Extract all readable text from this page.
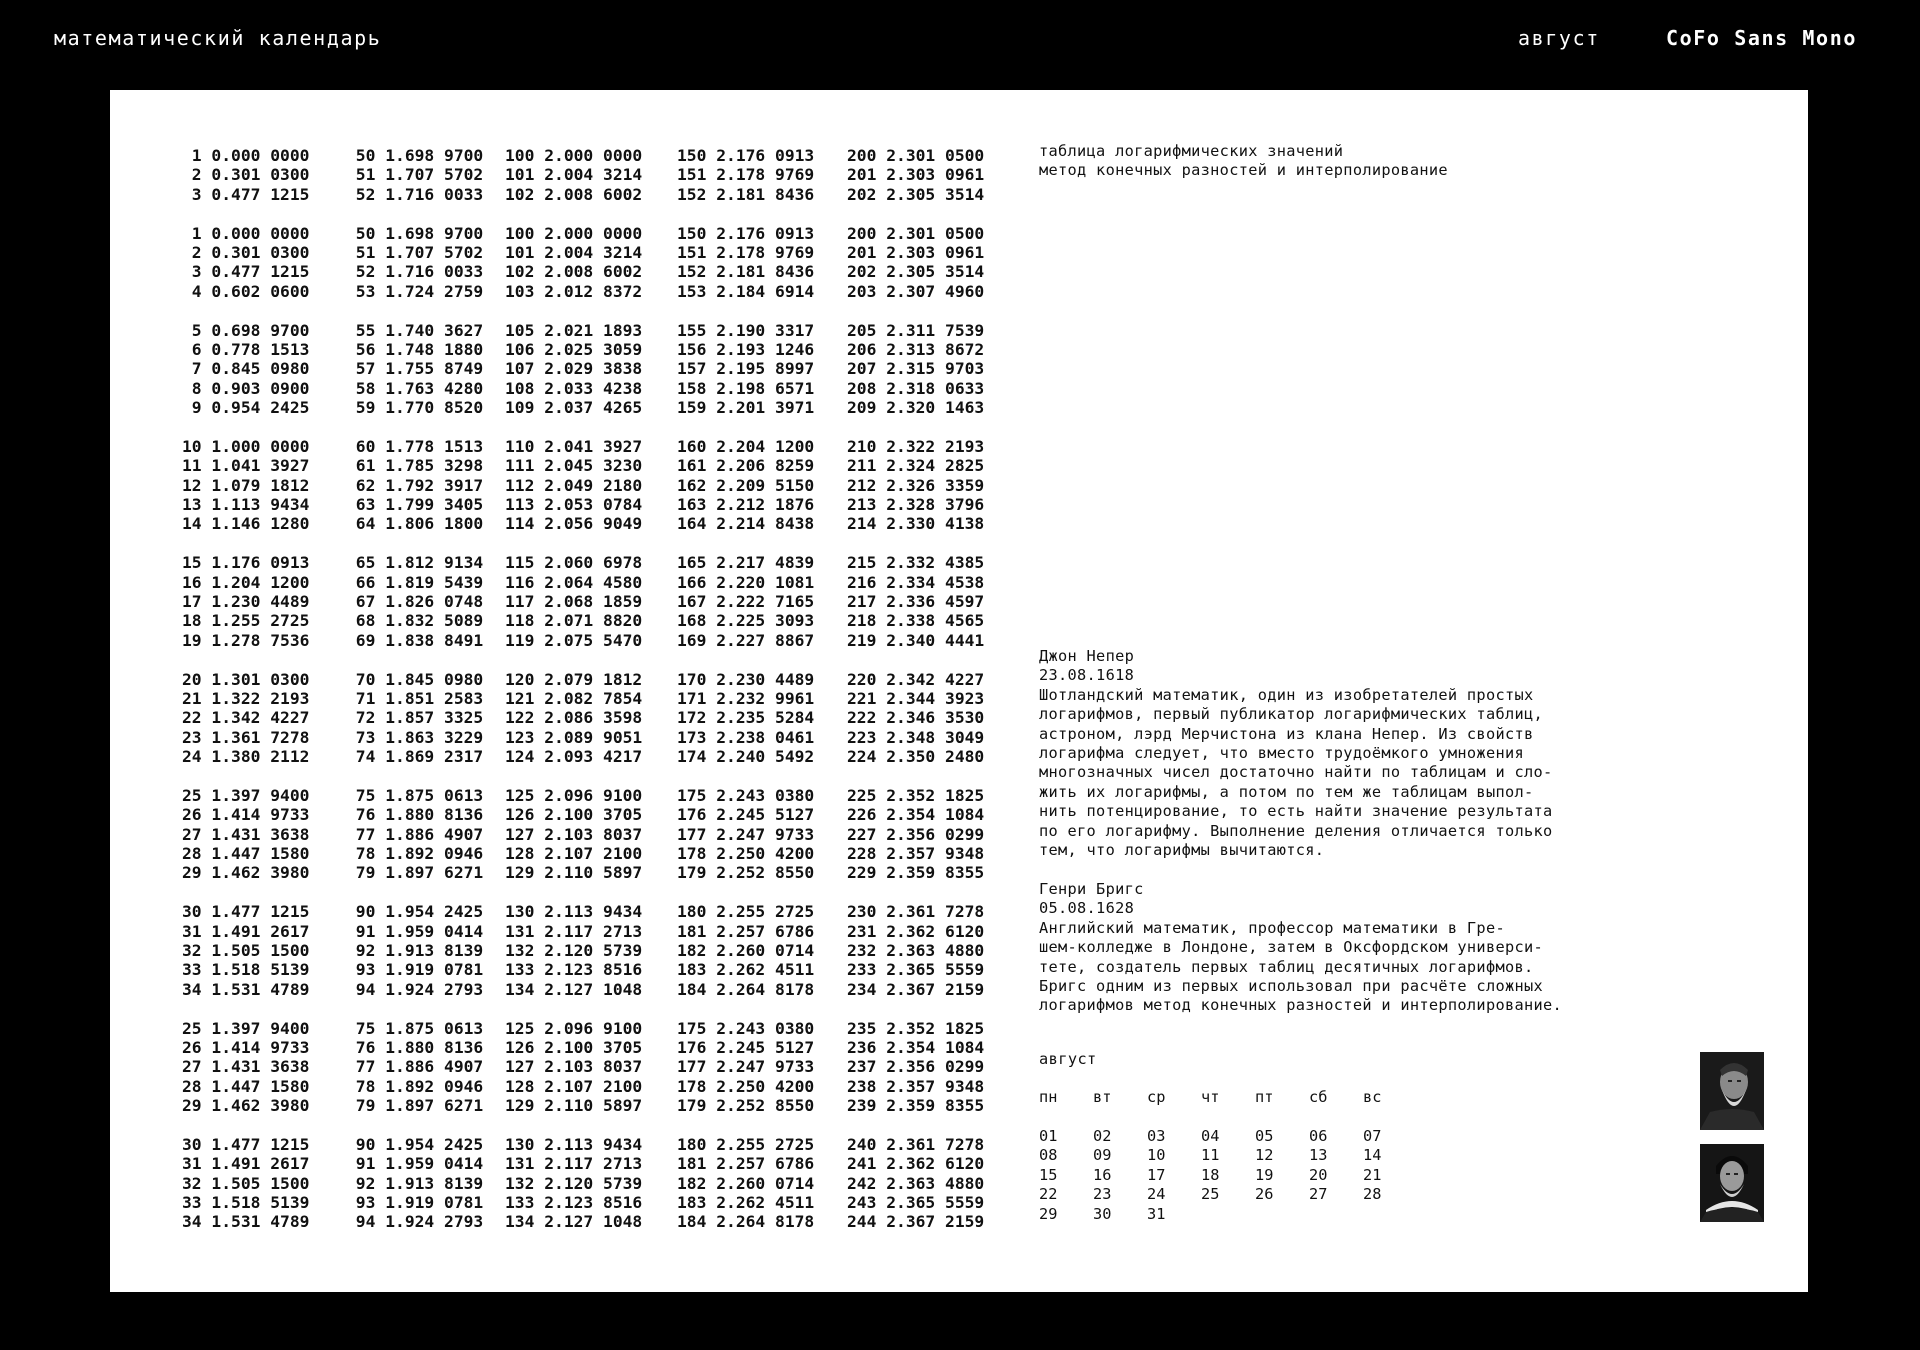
математический календарь	август	CoFo Sans Mono
1 0.000 0000 50 1.698 9700 100 2.000 0000 150 2.176 0913 200 2.301 0500
2 0.301 0300 51 1.707 5702 101 2.004 3214 151 2.178 9769 201 2.303 0961
3 0.477 1215 52 1.716 0033 102 2.008 6002 152 2.181 8436 202 2.305 3514
1 0.000 0000 50 1.698 9700 100 2.000 0000 150 2.176 0913 200 2.301 0500
2 0.301 0300 51 1.707 5702 101 2.004 3214 151 2.178 9769 201 2.303 0961
3 0.477 1215 52 1.716 0033 102 2.008 6002 152 2.181 8436 202 2.305 3514
4 0.602 0600 53 1.724 2759 103 2.012 8372 153 2.184 6914 203 2.307 4960
5 0.698 9700 55 1.740 3627 105 2.021 1893 155 2.190 3317 205 2.311 7539
6 0.778 1513 56 1.748 1880 106 2.025 3059 156 2.193 1246 206 2.313 8672
7 0.845 0980 57 1.755 8749 107 2.029 3838 157 2.195 8997 207 2.315 9703
8 0.903 0900 58 1.763 4280 108 2.033 4238 158 2.198 6571 208 2.318 0633
9 0.954 2425 59 1.770 8520 109 2.037 4265 159 2.201 3971 209 2.320 1463
10 1.000 0000 60 1.778 1513 110 2.041 3927 160 2.204 1200 210 2.322 2193
11 1.041 3927 61 1.785 3298 111 2.045 3230 161 2.206 8259 211 2.324 2825
12 1.079 1812 62 1.792 3917 112 2.049 2180 162 2.209 5150 212 2.326 3359
13 1.113 9434 63 1.799 3405 113 2.053 0784 163 2.212 1876 213 2.328 3796
14 1.146 1280 64 1.806 1800 114 2.056 9049 164 2.214 8438 214 2.330 4138
15 1.176 0913 65 1.812 9134 115 2.060 6978 165 2.217 4839 215 2.332 4385
16 1.204 1200 66 1.819 5439 116 2.064 4580 166 2.220 1081 216 2.334 4538
17 1.230 4489 67 1.826 0748 117 2.068 1859 167 2.222 7165 217 2.336 4597
18 1.255 2725 68 1.832 5089 118 2.071 8820 168 2.225 3093 218 2.338 4565
19 1.278 7536 69 1.838 8491 119 2.075 5470 169 2.227 8867 219 2.340 4441
20 1.301 0300 70 1.845 0980 120 2.079 1812 170 2.230 4489 220 2.342 4227
21 1.322 2193 71 1.851 2583 121 2.082 7854 171 2.232 9961 221 2.344 3923
22 1.342 4227 72 1.857 3325 122 2.086 3598 172 2.235 5284 222 2.346 3530
23 1.361 7278 73 1.863 3229 123 2.089 9051 173 2.238 0461 223 2.348 3049
24 1.380 2112 74 1.869 2317 124 2.093 4217 174 2.240 5492 224 2.350 2480
25 1.397 9400 75 1.875 0613 125 2.096 9100 175 2.243 0380 225 2.352 1825
26 1.414 9733 76 1.880 8136 126 2.100 3705 176 2.245 5127 226 2.354 1084
27 1.431 3638 77 1.886 4907 127 2.103 8037 177 2.247 9733 227 2.356 0299
28 1.447 1580 78 1.892 0946 128 2.107 2100 178 2.250 4200 228 2.357 9348
29 1.462 3980 79 1.897 6271 129 2.110 5897 179 2.252 8550 229 2.359 8355
30 1.477 1215 90 1.954 2425 130 2.113 9434 180 2.255 2725 230 2.361 7278
31 1.491 2617 91 1.959 0414 131 2.117 2713 181 2.257 6786 231 2.362 6120
32 1.505 1500 92 1.913 8139 132 2.120 5739 182 2.260 0714 232 2.363 4880
33 1.518 5139 93 1.919 0781 133 2.123 8516 183 2.262 4511 233 2.365 5559
34 1.531 4789 94 1.924 2793 134 2.127 1048 184 2.264 8178 234 2.367 2159
25 1.397 9400 75 1.875 0613 125 2.096 9100 175 2.243 0380 235 2.352 1825
26 1.414 9733 76 1.880 8136 126 2.100 3705 176 2.245 5127 236 2.354 1084
27 1.431 3638 77 1.886 4907 127 2.103 8037 177 2.247 9733 237 2.356 0299
28 1.447 1580 78 1.892 0946 128 2.107 2100 178 2.250 4200 238 2.357 9348
29 1.462 3980 79 1.897 6271 129 2.110 5897 179 2.252 8550 239 2.359 8355
30 1.477 1215 90 1.954 2425 130 2.113 9434 180 2.255 2725 240 2.361 7278
31 1.491 2617 91 1.959 0414 131 2.117 2713 181 2.257 6786 241 2.362 6120
32 1.505 1500 92 1.913 8139 132 2.120 5739 182 2.260 0714 242 2.363 4880
33 1.518 5139 93 1.919 0781 133 2.123 8516 183 2.262 4511 243 2.365 5559
34 1.531 4789 94 1.924 2793 134 2.127 1048 184 2.264 8178 244 2.367 2159
таблица логарифмических значений
метод конечных разностей и интерполирование
Джон Непер
23.08.1618
Шотландский математик, один из изобретателей простых
логарифмов, первый публикатор логарифмических таблиц,
астроном, лэрд Мерчистона из клана Непер. Из свойств
логарифма следует, что вместо трудоёмкого умножения
многозначных чисел достаточно найти по таблицам и сло-
жить их логарифмы, а потом по тем же таблицам выпол-
нить потенцирование, то есть найти значение результата
по его логарифму. Выполнение деления отличается только
тем, что логарифмы вычитаются.
Генри Бригс
05.08.1628
Английский математик, профессор математики в Гре-
шем-колледже в Лондоне, затем в Оксфордском универси-
тете, создатель первых таблиц десятичных логарифмов.
Бригс одним из первых использовал при расчёте сложных
логарифмов метод конечных разностей и интерполирование.
август
пн	вт	ср	чт	пт	сб	вс
01	02	03	04	05	06	07
08	09	10	11	12	13	14
15	16	17	18	19	20	21
22	23	24	25	26	27	28
29	30	31
